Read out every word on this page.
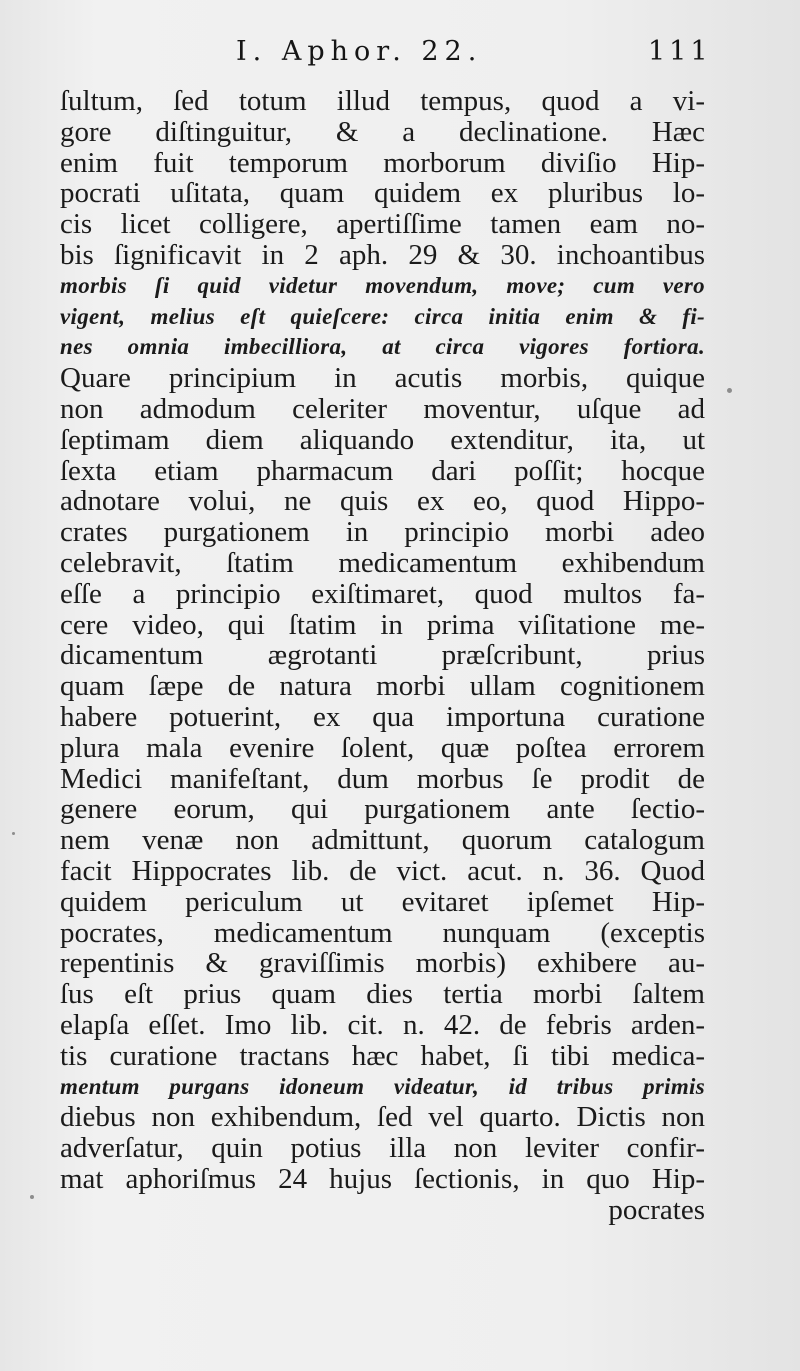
I. Aphor. 22.	111
ſultum, ſed totum illud tempus, quod a vi-
gore diſtinguitur, & a declinatione. Hæc
enim fuit temporum morborum diviſio Hip-
pocrati uſitata, quam quidem ex pluribus lo-
cis licet colligere, apertiſſime tamen eam no-
bis ſignificavit in 2 aph. 29 & 30. inchoantibus
morbis ſi quid videtur movendum, move; cum vero
vigent, melius eſt quieſcere: circa initia enim & fi-
nes omnia imbecilliora, at circa vigores fortiora.
Quare principium in acutis morbis, quique
non admodum celeriter moventur, uſque ad
ſeptimam diem aliquando extenditur, ita, ut
ſexta etiam pharmacum dari poſſit; hocque
adnotare volui, ne quis ex eo, quod Hippo-
crates purgationem in principio morbi adeo
celebravit, ſtatim medicamentum exhibendum
eſſe a principio exiſtimaret, quod multos fa-
cere video, qui ſtatim in prima viſitatione me-
dicamentum ægrotanti præſcribunt, prius
quam ſæpe de natura morbi ullam cognitionem
habere potuerint, ex qua importuna curatione
plura mala evenire ſolent, quæ poſtea errorem
Medici manifeſtant, dum morbus ſe prodit de
genere eorum, qui purgationem ante ſectio-
nem venæ non admittunt, quorum catalogum
facit Hippocrates lib. de vict. acut. n. 36. Quod
quidem periculum ut evitaret ipſemet Hip-
pocrates, medicamentum nunquam (exceptis
repentinis & graviſſimis morbis) exhibere au-
ſus eſt prius quam dies tertia morbi ſaltem
elapſa eſſet. Imo lib. cit. n. 42. de febris arden-
tis curatione tractans hæc habet, ſi tibi medica-
mentum purgans idoneum videatur, id tribus primis
diebus non exhibendum, ſed vel quarto. Dictis non
adverſatur, quin potius illa non leviter confir-
mat aphoriſmus 24 hujus ſectionis, in quo Hip-
pocrates
